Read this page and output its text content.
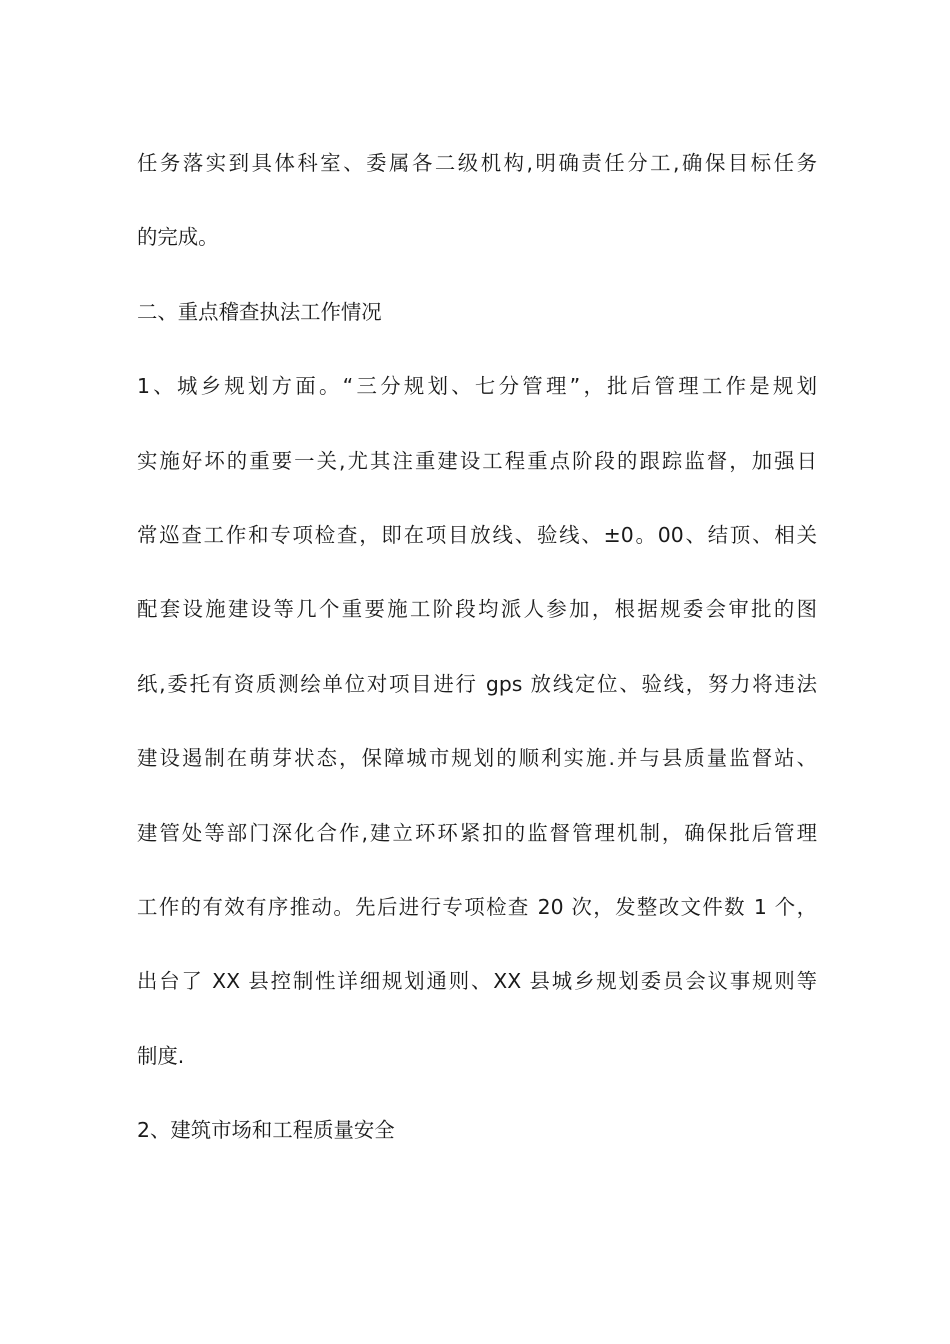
任务落实到具体科室、委属各二级机构,明确责任分工,确保目标任务
的完成。
二、重点稽查执法工作情况
1、城乡规划方面。“三分规划、七分管理”，批后管理工作是规划
实施好坏的重要一关,尤其注重建设工程重点阶段的跟踪监督，加强日
常巡查工作和专项检查，即在项目放线、验线、±0。00、结顶、相关
配套设施建设等几个重要施工阶段均派人参加，根据规委会审批的图
纸,委托有资质测绘单位对项目进行 gps 放线定位、验线，努力将违法
建设遏制在萌芽状态，保障城市规划的顺利实施.并与县质量监督站、
建管处等部门深化合作,建立环环紧扣的监督管理机制，确保批后管理
工作的有效有序推动。先后进行专项检查 20 次，发整改文件数 1 个，
出台了 XX 县控制性详细规划通则、XX 县城乡规划委员会议事规则等
制度.
2、建筑市场和工程质量安全
